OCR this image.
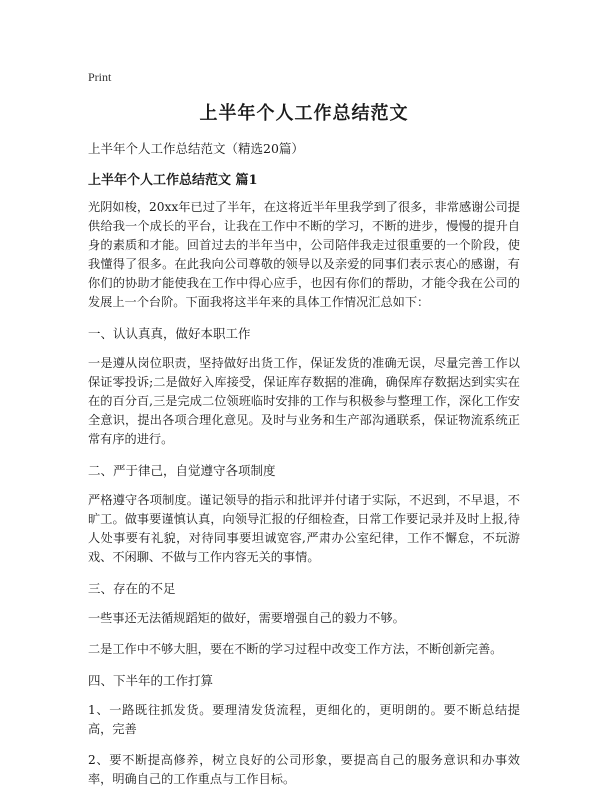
Print
上半年个人工作总结范文
上半年个人工作总结范文（精选20篇）
上半年个人工作总结范文 篇1
光阴如梭，20xx年已过了半年，在这将近半年里我学到了很多，非常感谢公司提供给我一个成长的平台，让我在工作中不断的学习，不断的进步，慢慢的提升自身的素质和才能。回首过去的半年当中，公司陪伴我走过很重要的一个阶段，使我懂得了很多。在此我向公司尊敬的领导以及亲爱的同事们表示衷心的感谢，有你们的协助才能使我在工作中得心应手，也因有你们的帮助，才能令我在公司的发展上一个台阶。下面我将这半年来的具体工作情况汇总如下：
一、认认真真，做好本职工作
一是遵从岗位职责，坚持做好出货工作，保证发货的准确无误，尽量完善工作以保证零投诉;二是做好入库接受，保证库存数据的准确，确保库存数据达到实实在在的百分百,三是完成二位领班临时安排的工作与积极参与整理工作，深化工作安全意识，提出各项合理化意见。及时与业务和生产部沟通联系，保证物流系统正常有序的进行。
二、严于律己，自觉遵守各项制度
严格遵守各项制度。谨记领导的指示和批评并付诸于实际，不迟到，不早退，不旷工。做事要谨慎认真，向领导汇报的仔细检查，日常工作要记录并及时上报,待人处事要有礼貌，对待同事要坦诚宽容,严肃办公室纪律，工作不懈怠，不玩游戏、不闲聊、不做与工作内容无关的事情。
三、存在的不足
一些事还无法循规蹈矩的做好，需要增强自己的毅力不够。
二是工作中不够大胆，要在不断的学习过程中改变工作方法，不断创新完善。
四、下半年的工作打算
1、一路既往抓发货。要理清发货流程，更细化的，更明朗的。要不断总结提高，完善
2、要不断提高修养，树立良好的公司形象，要提高自己的服务意识和办事效率，明确自己的工作重点与工作目标。
